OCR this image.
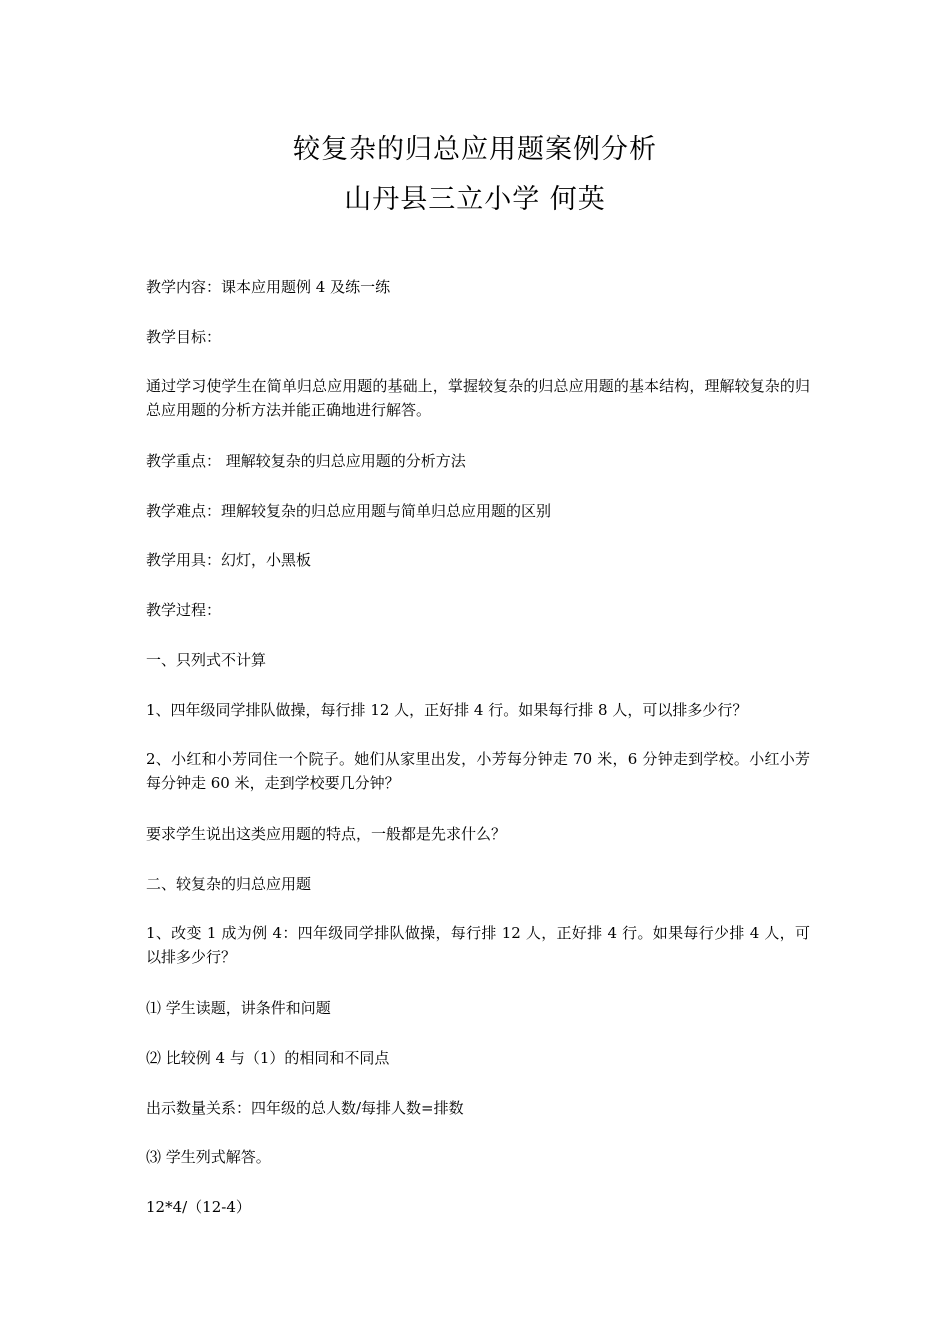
较复杂的归总应用题案例分析
山丹县三立小学 何英
教学内容：课本应用题例 4 及练一练
教学目标：
通过学习使学生在简单归总应用题的基础上，掌握较复杂的归总应用题的基本结构，理解较复杂的归总应用题的分析方法并能正确地进行解答。
教学重点： 理解较复杂的归总应用题的分析方法
教学难点：理解较复杂的归总应用题与简单归总应用题的区别
教学用具：幻灯，小黑板
教学过程：
一、只列式不计算
1、四年级同学排队做操，每行排 12 人，正好排 4 行。如果每行排 8 人，可以排多少行？
2、小红和小芳同住一个院子。她们从家里出发，小芳每分钟走 70 米，6 分钟走到学校。小红小芳每分钟走 60 米，走到学校要几分钟？
要求学生说出这类应用题的特点，一般都是先求什么？
二、较复杂的归总应用题
1、改变 1 成为例 4：四年级同学排队做操，每行排 12 人，正好排 4 行。如果每行少排 4 人，可以排多少行？
⑴ 学生读题，讲条件和问题
⑵ 比较例 4 与（1）的相同和不同点
出示数量关系：四年级的总人数/每排人数=排数
⑶ 学生列式解答。
12*4/（12-4）
